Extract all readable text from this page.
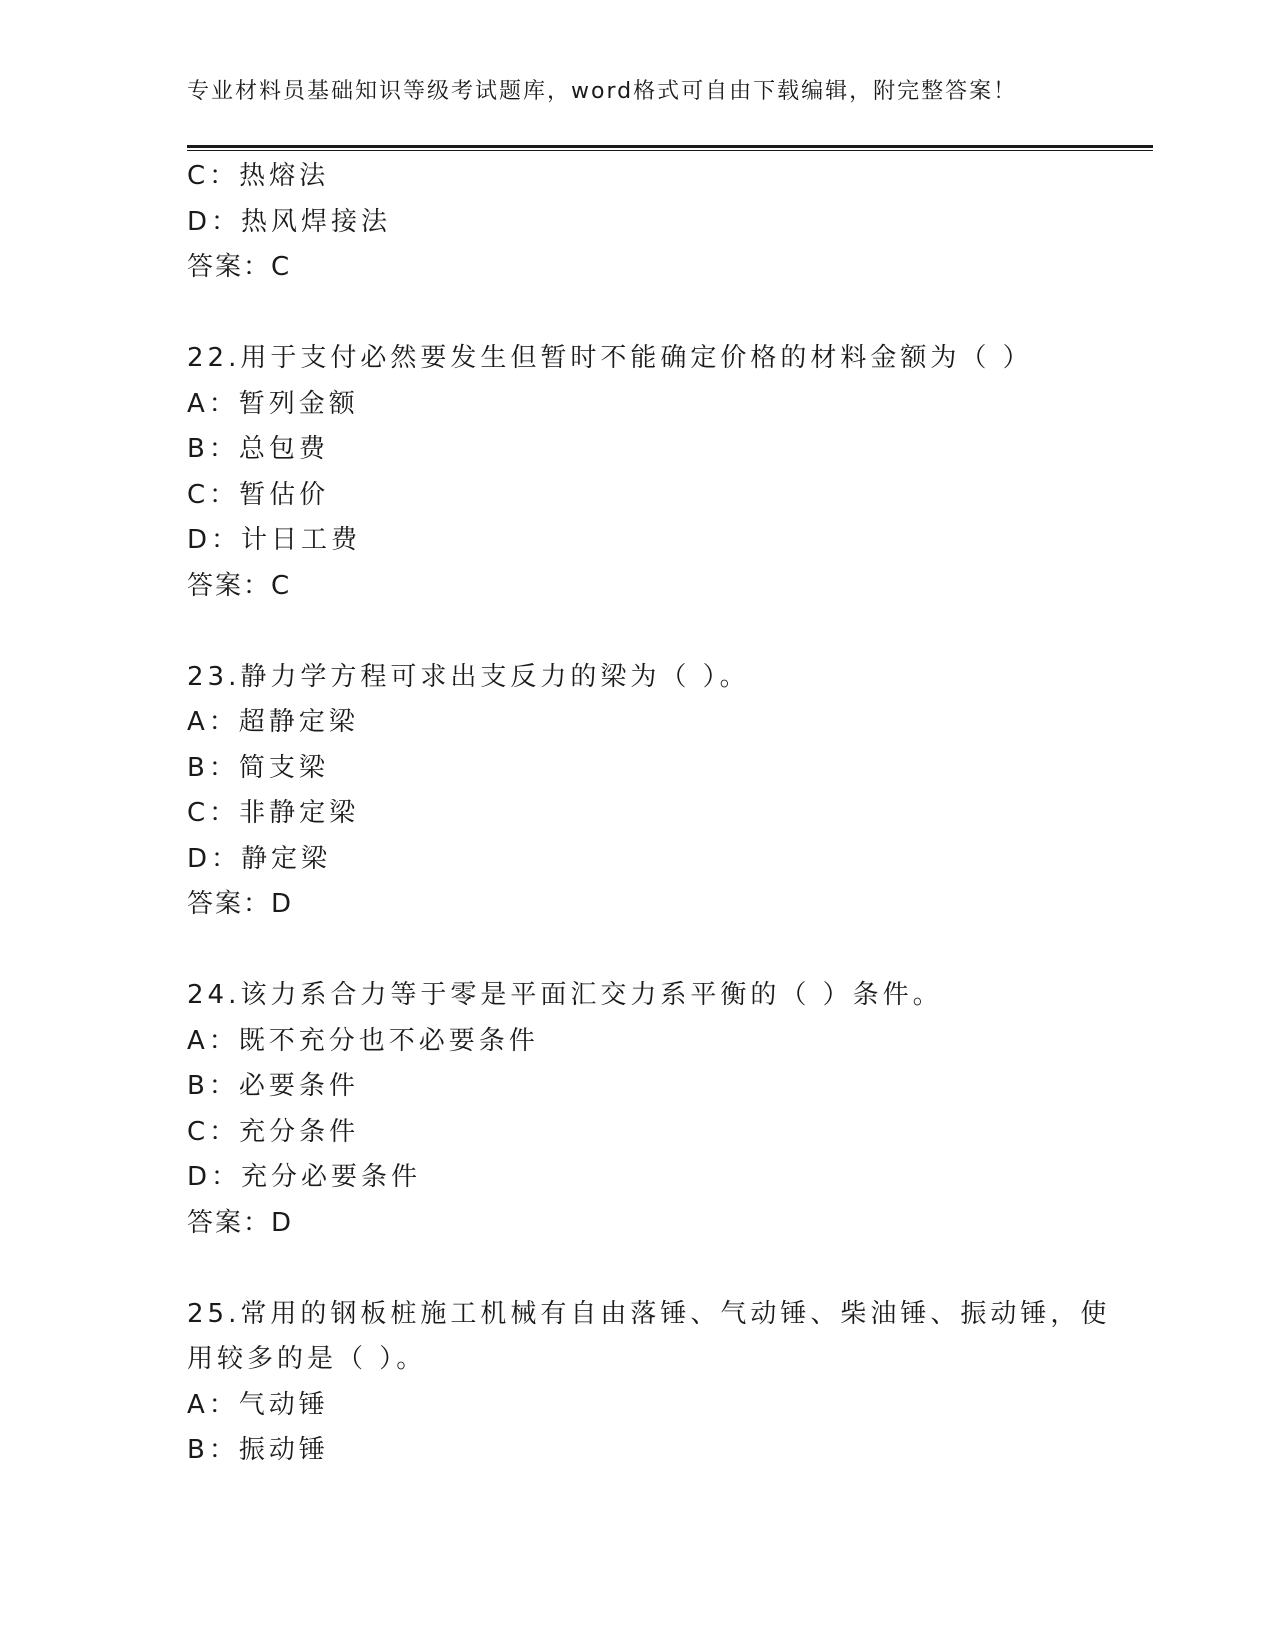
专业材料员基础知识等级考试题库，word格式可自由下载编辑，附完整答案！
C：热熔法
D：热风焊接法
答案：C
22.用于支付必然要发生但暂时不能确定价格的材料金额为（ ）
A：暂列金额
B：总包费
C：暂估价
D：计日工费
答案：C
23.静力学方程可求出支反力的梁为（ ）。
A：超静定梁
B：简支梁
C：非静定梁
D：静定梁
答案：D
24.该力系合力等于零是平面汇交力系平衡的（ ）条件。
A：既不充分也不必要条件
B：必要条件
C：充分条件
D：充分必要条件
答案：D
25.常用的钢板桩施工机械有自由落锤、气动锤、柴油锤、振动锤，使
用较多的是（ ）。
A：气动锤
B：振动锤
